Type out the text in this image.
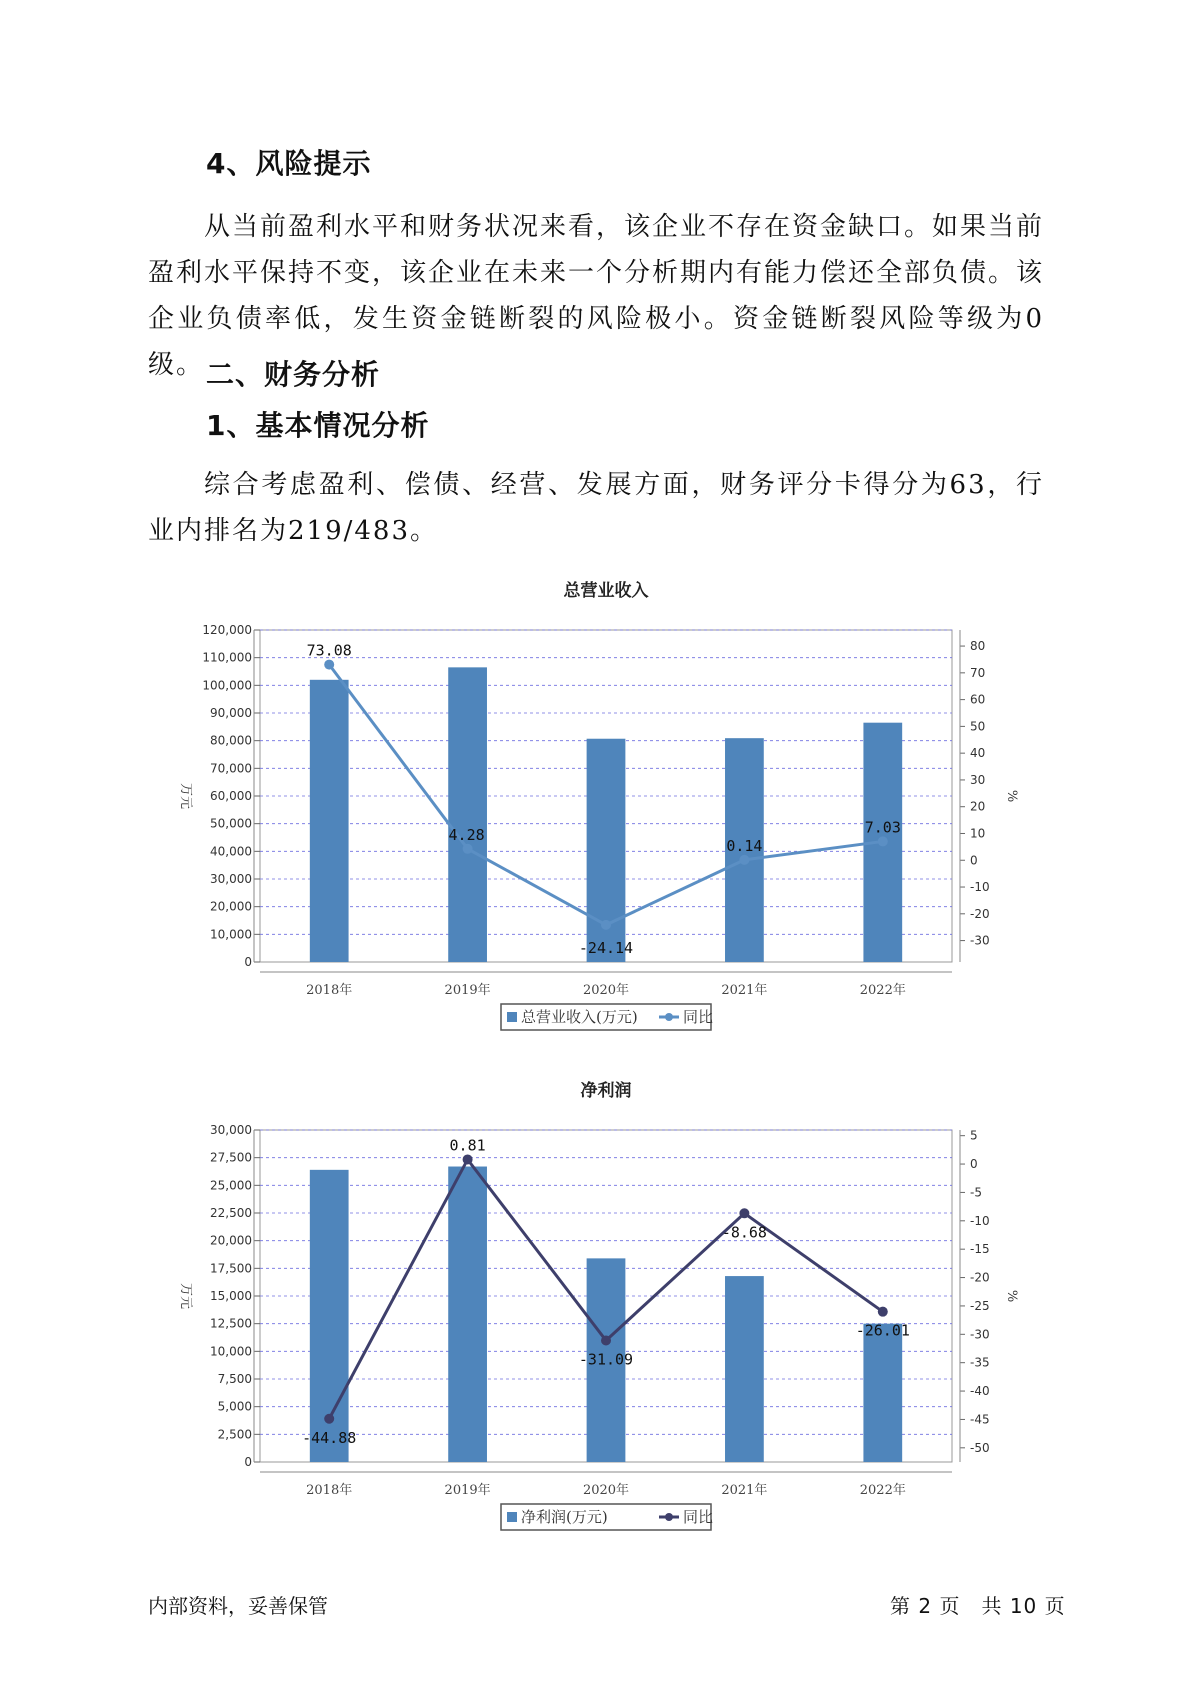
4、风险提示

从当前盈利水平和财务状况来看，该企业不存在资金缺口。如果当前盈利水平保持不变，该企业在未来一个分析期内有能力偿还全部负债。该企业负债率低，发生资金链断裂的风险极小。资金链断裂风险等级为0级。 二、财务分析
1、基本情况分析

综合考虑盈利、偿债、经营、发展方面，财务评分卡得分为63，行业内排名为219/483。

总营业收入
0
10,000
20,000
30,000
40,000
50,000
60,000
70,000
80,000
90,000
100,000
110,000
120,000
-30
-20
-10
0
10
20
30
40
50
60
70
80
万元	%
2018年	2019年	2020年	2021年	2022年
73.08
4.28
-24.14
0.14
7.03
总营业收入(万元)	同比
净利润
0
2,500
5,000
7,500
10,000
12,500
15,000
17,500
20,000
22,500
25,000
27,500
30,000
-50
-45
-40
-35
-30
-25
-20
-15
-10
-5
0
5
万元	%
2018年	2019年	2020年	2021年	2022年
-44.88
0.81
-31.09
-8.68
-26.01
净利润(万元)	同比
内部资料，妥善保管	第 2 页　共 10 页
